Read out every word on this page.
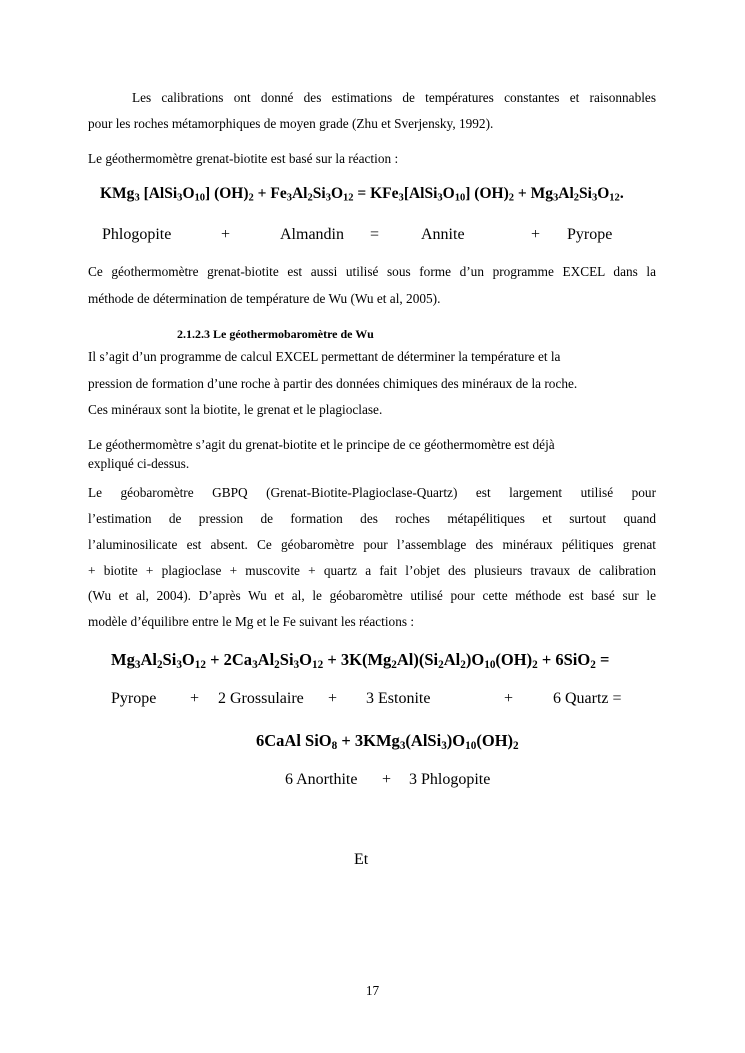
Les calibrations ont donné des estimations de températures constantes et raisonnables

pour les roches métamorphiques de moyen grade (Zhu et Sverjensky, 1992).

Le géothermomètre grenat-biotite est basé sur la réaction :

KMg$_3$ $[AlSi_3O_{10}] (OH)_2 + Fe_3Al_2Si_3O_{12}$ = $KFe_3[AlSi_3O_{10}] (OH)_2 + Mg_3Al_2Si_3O_{12}$.

Phlogopite	+	Almandin =	Annite	+ Pyrope

Ce géothermomètre grenat-biotite est aussi utilisé sous forme d’un programme EXCEL dans la

méthode de détermination de température de Wu (Wu et al, 2005).

2.1.2.3 Le géothermobaromètre de Wu

Il s’agit d’un programme de calcul EXCEL permettant de déterminer la température et la

pression de formation d’une roche à partir des données chimiques des minéraux de la roche.

Ces minéraux sont la biotite, le grenat et le plagioclase.

Le géothermomètre s’agit du grenat-biotite et le principe de ce géothermomètre est déjà

expliqué ci-dessus.

Le géobaromètre GBPQ (Grenat-Biotite-Plagioclase-Quartz) est largement utilisé pour

l’estimation de pression de formation des roches métapélitiques et surtout quand

l’aluminosilicate est absent. Ce géobaromètre pour l’assemblage des minéraux pélitiques grenat

+ biotite + plagioclase + muscovite + quartz a fait l’objet des plusieurs travaux de calibration

(Wu et al, 2004). D’après Wu et al, le géobaromètre utilisé pour cette méthode est basé sur le

modèle d’équilibre entre le Mg et le Fe suivant les réactions :

$Mg_3Al_2Si_3O_{12} + 2Ca_3Al_2Si_3O_{12} + 3K(Mg_2Al)(Si_2Al_2)O_{10}(OH)_2 + 6SiO_2$ =

Pyrope + 2 Grossulaire + 3 Estonite	+ 6 Quartz =

6CaAl $SiO_8 + 3KMg_3(AlSi_3)O_{10}(OH)_2$

6 Anorthite + 3 Phlogopite

Et

17
